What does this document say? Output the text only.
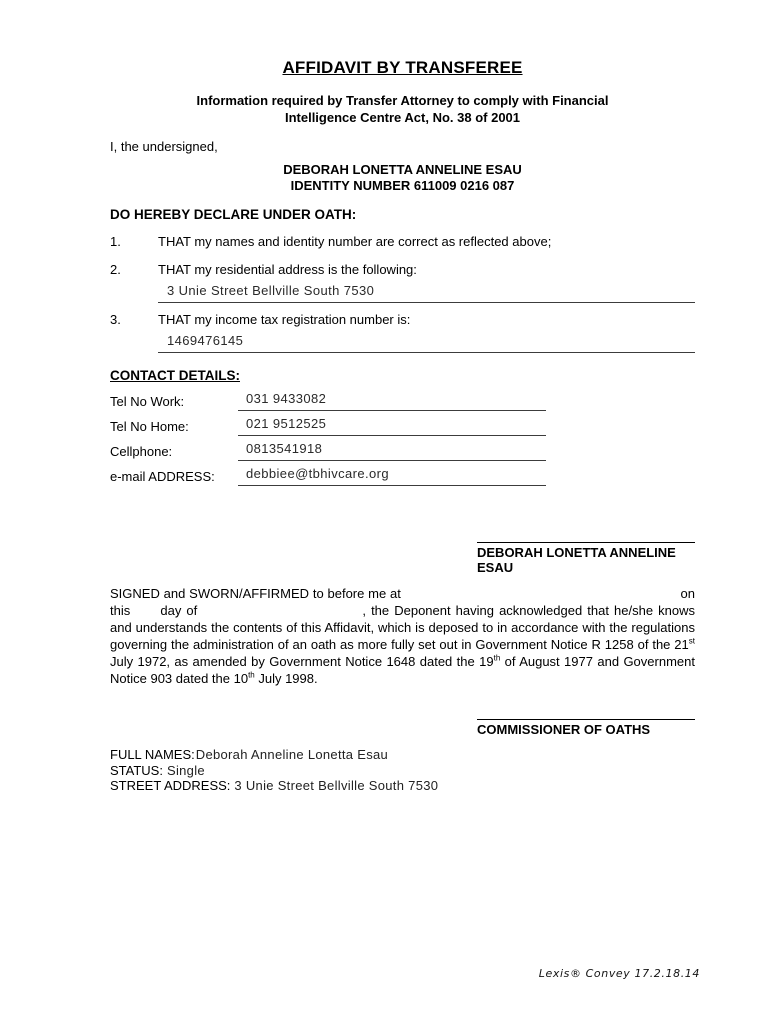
AFFIDAVIT BY TRANSFEREE
Information required by Transfer Attorney to comply with Financial Intelligence Centre Act, No. 38 of 2001
I, the undersigned,
DEBORAH LONETTA ANNELINE ESAU
IDENTITY NUMBER 611009 0216 087
DO HEREBY DECLARE UNDER OATH:
1.	THAT my names and identity number are correct as reflected above;
2.	THAT my residential address is the following:
3 Unie Street Bellville South 7530
3.	THAT my income tax registration number is:
1469476145
CONTACT DETAILS:
Tel No Work:	031 9433082
Tel No Home:	021 9512525
Cellphone:	0813541918
e-mail ADDRESS:	debbiee@tbhivcare.org
DEBORAH LONETTA ANNELINE ESAU
SIGNED and SWORN/AFFIRMED to before me at	on this  day of	, the Deponent having acknowledged that he/she knows and understands the contents of this Affidavit, which is deposed to in accordance with the regulations governing the administration of an oath as more fully set out in Government Notice R 1258 of the 21st July 1972, as amended by Government Notice 1648 dated the 19th of August 1977 and Government Notice 903 dated the 10th July 1998.
COMMISSIONER OF OATHS
FULL NAMES:Deborah Anneline Lonetta Esau
STATUS: Single
STREET ADDRESS: 3 Unie Street Bellville South 7530
Lexis® Convey 17.2.18.14
